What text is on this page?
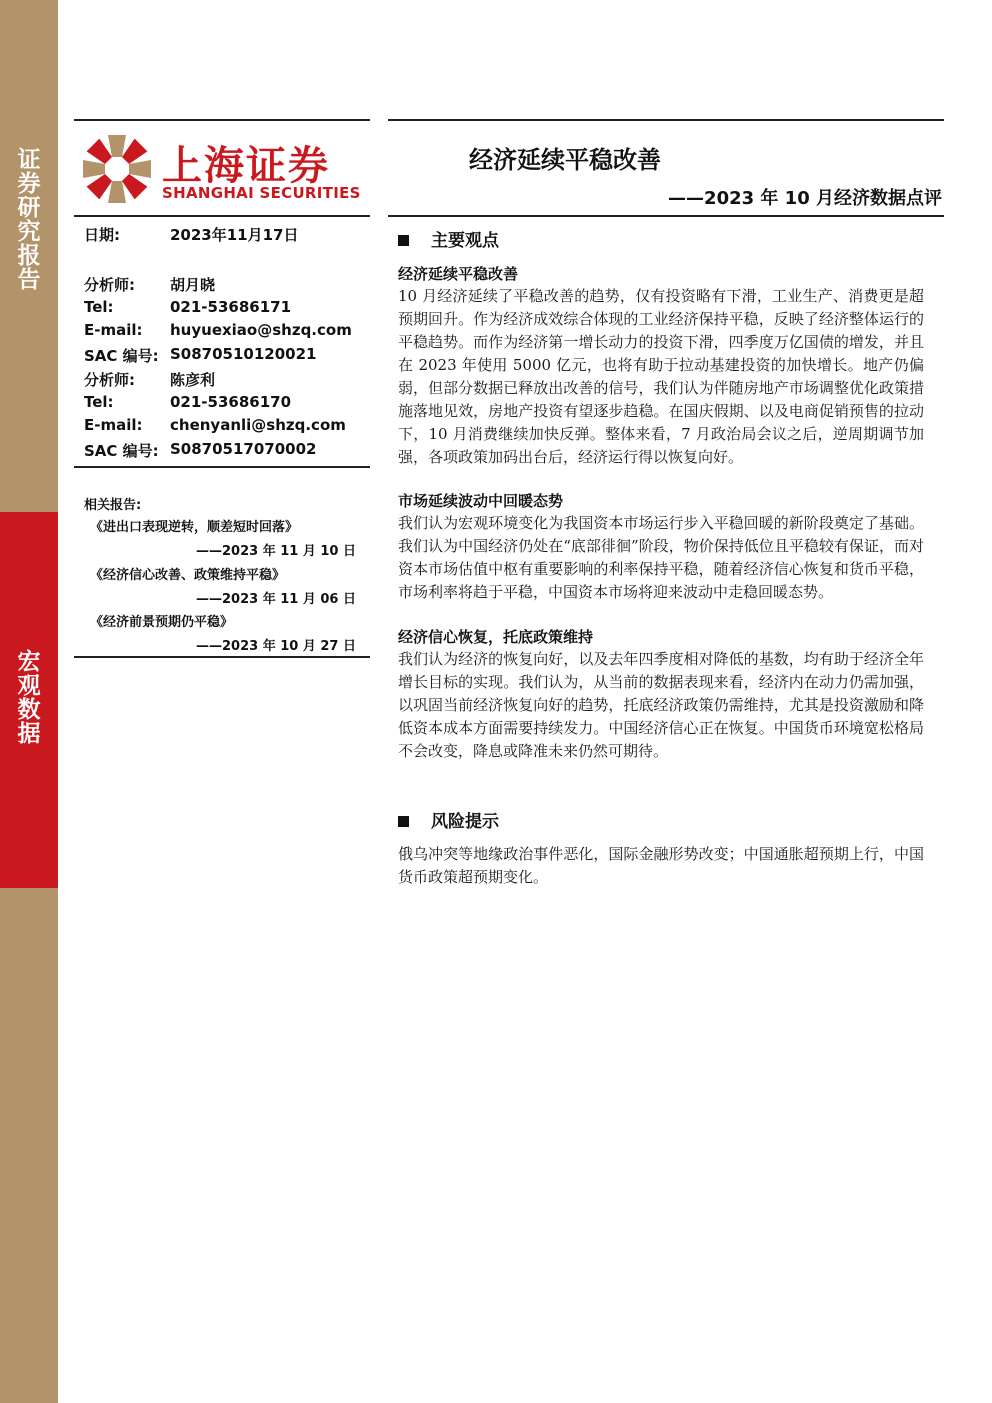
证
券
研
究
报
告
宏
观
数
据
上海证券
SHANGHAI SECURITIES
经济延续平稳改善
——2023 年 10 月经济数据点评
日期:	2023年11月17日
分析师: 胡月晓
Tel:	021-53686171
E-mail: huyuexiao@shzq.com
SAC 编号: S0870510120021
分析师: 陈彦利
Tel:	021-53686170
E-mail: chenyanli@shzq.com
SAC 编号: S0870517070002
相关报告:
《进出口表现逆转，顺差短时回落》
——2023 年 11 月 10 日
《经济信心改善、政策维持平稳》
——2023 年 11 月 06 日
《经济前景预期仍平稳》
——2023 年 10 月 27 日
主要观点
经济延续平稳改善
10 月经济延续了平稳改善的趋势，仅有投资略有下滑，工业生产、消费更是超预期回升。作为经济成效综合体现的工业经济保持平稳，反映了经济整体运行的平稳趋势。而作为经济第一增长动力的投资下滑，四季度万亿国债的增发，并且在 2023 年使用 5000 亿元，也将有助于拉动基建投资的加快增长。地产仍偏弱，但部分数据已释放出改善的信号，我们认为伴随房地产市场调整优化政策措施落地见效，房地产投资有望逐步趋稳。在国庆假期、以及电商促销预售的拉动下，10 月消费继续加快反弹。整体来看，7 月政治局会议之后，逆周期调节加强，各项政策加码出台后，经济运行得以恢复向好。
市场延续波动中回暖态势
我们认为宏观环境变化为我国资本市场运行步入平稳回暖的新阶段奠定了基础。我们认为中国经济仍处在“底部徘徊”阶段，物价保持低位且平稳较有保证，而对资本市场估值中枢有重要影响的利率保持平稳，随着经济信心恢复和货币平稳，市场利率将趋于平稳，中国资本市场将迎来波动中走稳回暖态势。
经济信心恢复，托底政策维持
我们认为经济的恢复向好，以及去年四季度相对降低的基数，均有助于经济全年增长目标的实现。我们认为，从当前的数据表现来看，经济内在动力仍需加强，以巩固当前经济恢复向好的趋势，托底经济政策仍需维持，尤其是投资激励和降低资本成本方面需要持续发力。中国经济信心正在恢复。中国货币环境宽松格局不会改变，降息或降准未来仍然可期待。
风险提示
俄乌冲突等地缘政治事件恶化，国际金融形势改变；中国通胀超预期上行，中国货币政策超预期变化。
